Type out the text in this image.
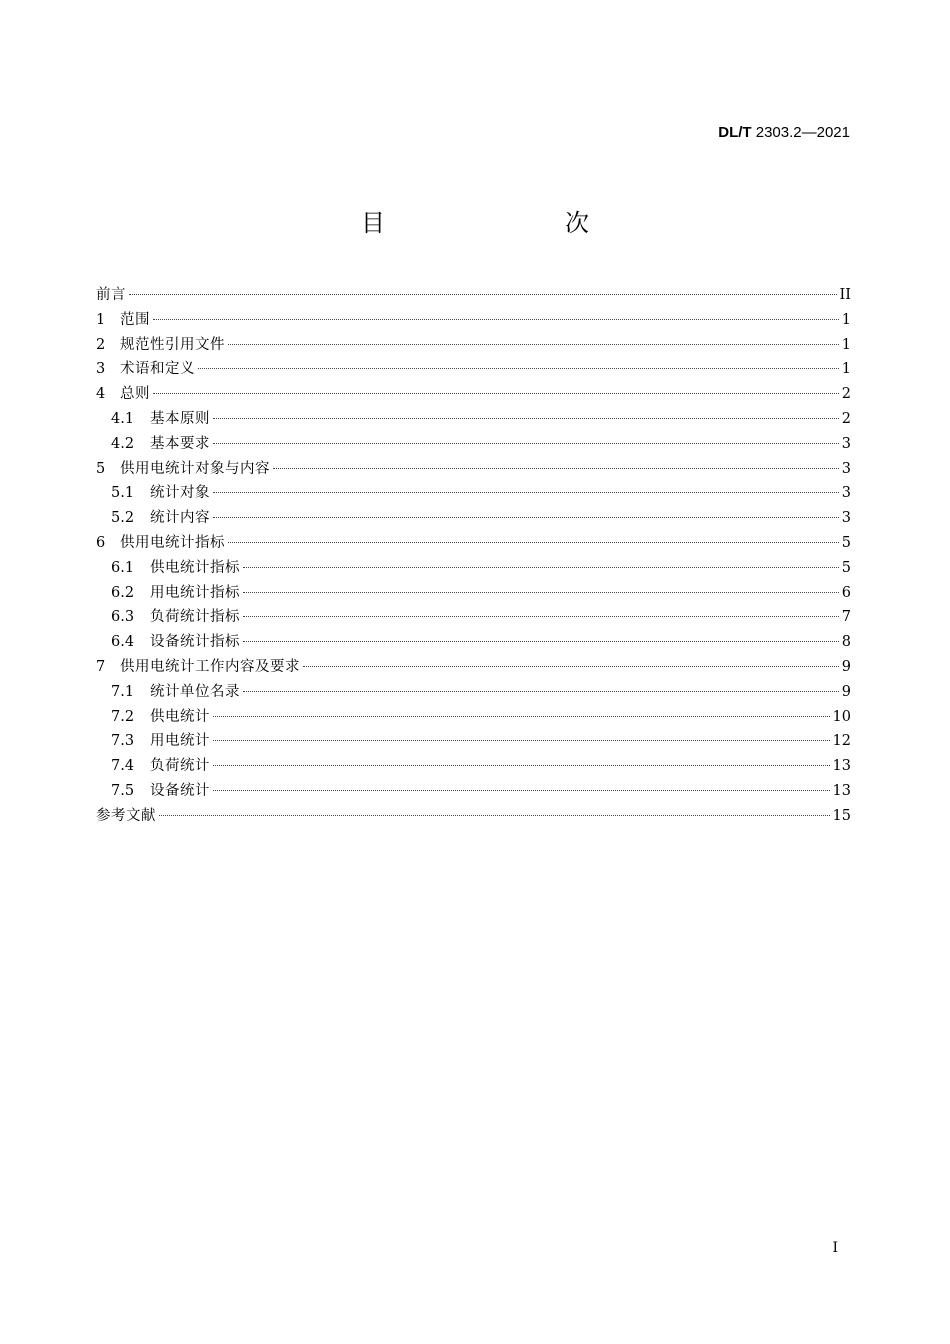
DL/T 2303.2—2021
目　　次
前言	II
1	范围	1
2	规范性引用文件	1
3	术语和定义	1
4	总则	2
4.1	基本原则	2
4.2	基本要求	3
5	供用电统计对象与内容	3
5.1	统计对象	3
5.2	统计内容	3
6	供用电统计指标	5
6.1	供电统计指标	5
6.2	用电统计指标	6
6.3	负荷统计指标	7
6.4	设备统计指标	8
7	供用电统计工作内容及要求	9
7.1	统计单位名录	9
7.2	供电统计	10
7.3	用电统计	12
7.4	负荷统计	13
7.5	设备统计	13
参考文献	15
I
